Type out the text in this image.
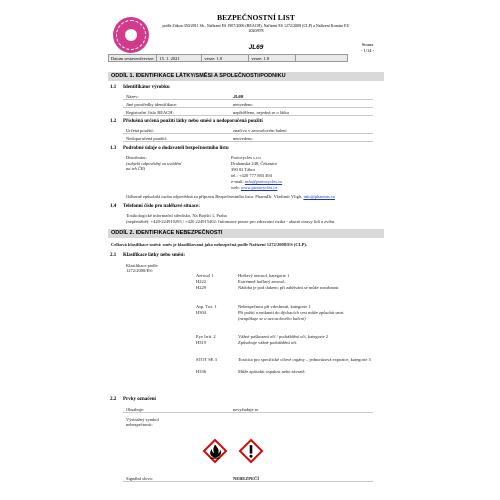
BEZPEČNOSTNÍ LIST
podle Zákon 350/2011 Sb., Nařízení ES 1907/2006 (REACH), Nařízení ES 1272/2008 (CLP) a Nařízení Komise EU 2020/878
JL69	Strana
- 1/14 -
Datum sestavení/revize:	15. 1. 2021	verze: 1.0	verze: 1.0
ODDÍL 1. IDENTIFIKACE LÁTKY/SMĚSI A SPOLEČNOSTI/PODNIKU
1.1 Identifikátor výrobku
Název:	JL69
Jiné prostředky identifikace:	neuvedeno
Registrační číslo REACH:	nepřiděleno, nejedná se o látku
1.2 Příslušná určená použití látky nebo směsi a nedoporučená použití
Určená použití:	značivo v aerosolovém balení
Nedoporučená použití:	neuvedeno
1.3 Podrobné údaje o dodavateli bezpečnostního listu
Distributor:
(subjekt odpovědný za uvádění na trh ČR)
Protocycles s.r.o.
Drahanská 248, Čekanice
390 02 Tábor
tel.: +420 777 883 494
e-mail: info@protocycles.cz
web: www.protocycles.cz
Odborně způsobilá osoba odpovědná za přípravu Bezpečnostního listu: PharmDr. Vladimír Vligh, info@phaemis.cz
1.4 Telefonní číslo pro naléhavé situace:
Toxikologické informační středisko, Na Bojišti 1, Praha
(nepřetržitě): +420-224919293 / +420 224915402: Informace pouze pro zdravotní rizika - akutní otravy lidí a zvířat
ODDÍL 2. IDENTIFIKACE NEBEZPEČNOSTI
Celková klasifikace směsi: směs je klasifikovaná jako nebezpečná podle Nařízení 1272/2008/ES (CLP).
2.1 Klasifikace látky nebo směsi:
Klasifikace podle 1272/2008/ES:
Aerosol 1	Hořlavý aerosol, kategorie 1
H222	Extrémně hořlavý aerosol.
H229	Nádoba je pod tlakem: při zahřívání se může roztrhnout
Asp. Tox. 1	Nebezpečnost při vdechnutí, kategorie 1
H304	Při požití a vniknutí do dýchacích cest může způsobit smrt.
(neaplikuje se u aerosolového balení)
Eye Irrit. 2	Vážné poškození očí / podráždění očí, kategorie 2
H319	Způsobuje vážné podráždění očí.
STOT SE 3	Toxicita pro specifické cílové orgány – jednorázová expozice, kategorie 3
H336	Může způsobit ospalost nebo závratě.
2.2 Prvky označení
Obsahuje:	nevyžaduje se
Výstražný symbol nebezpečnosti:
Signální slovo:	NEBEZPEČÍ
